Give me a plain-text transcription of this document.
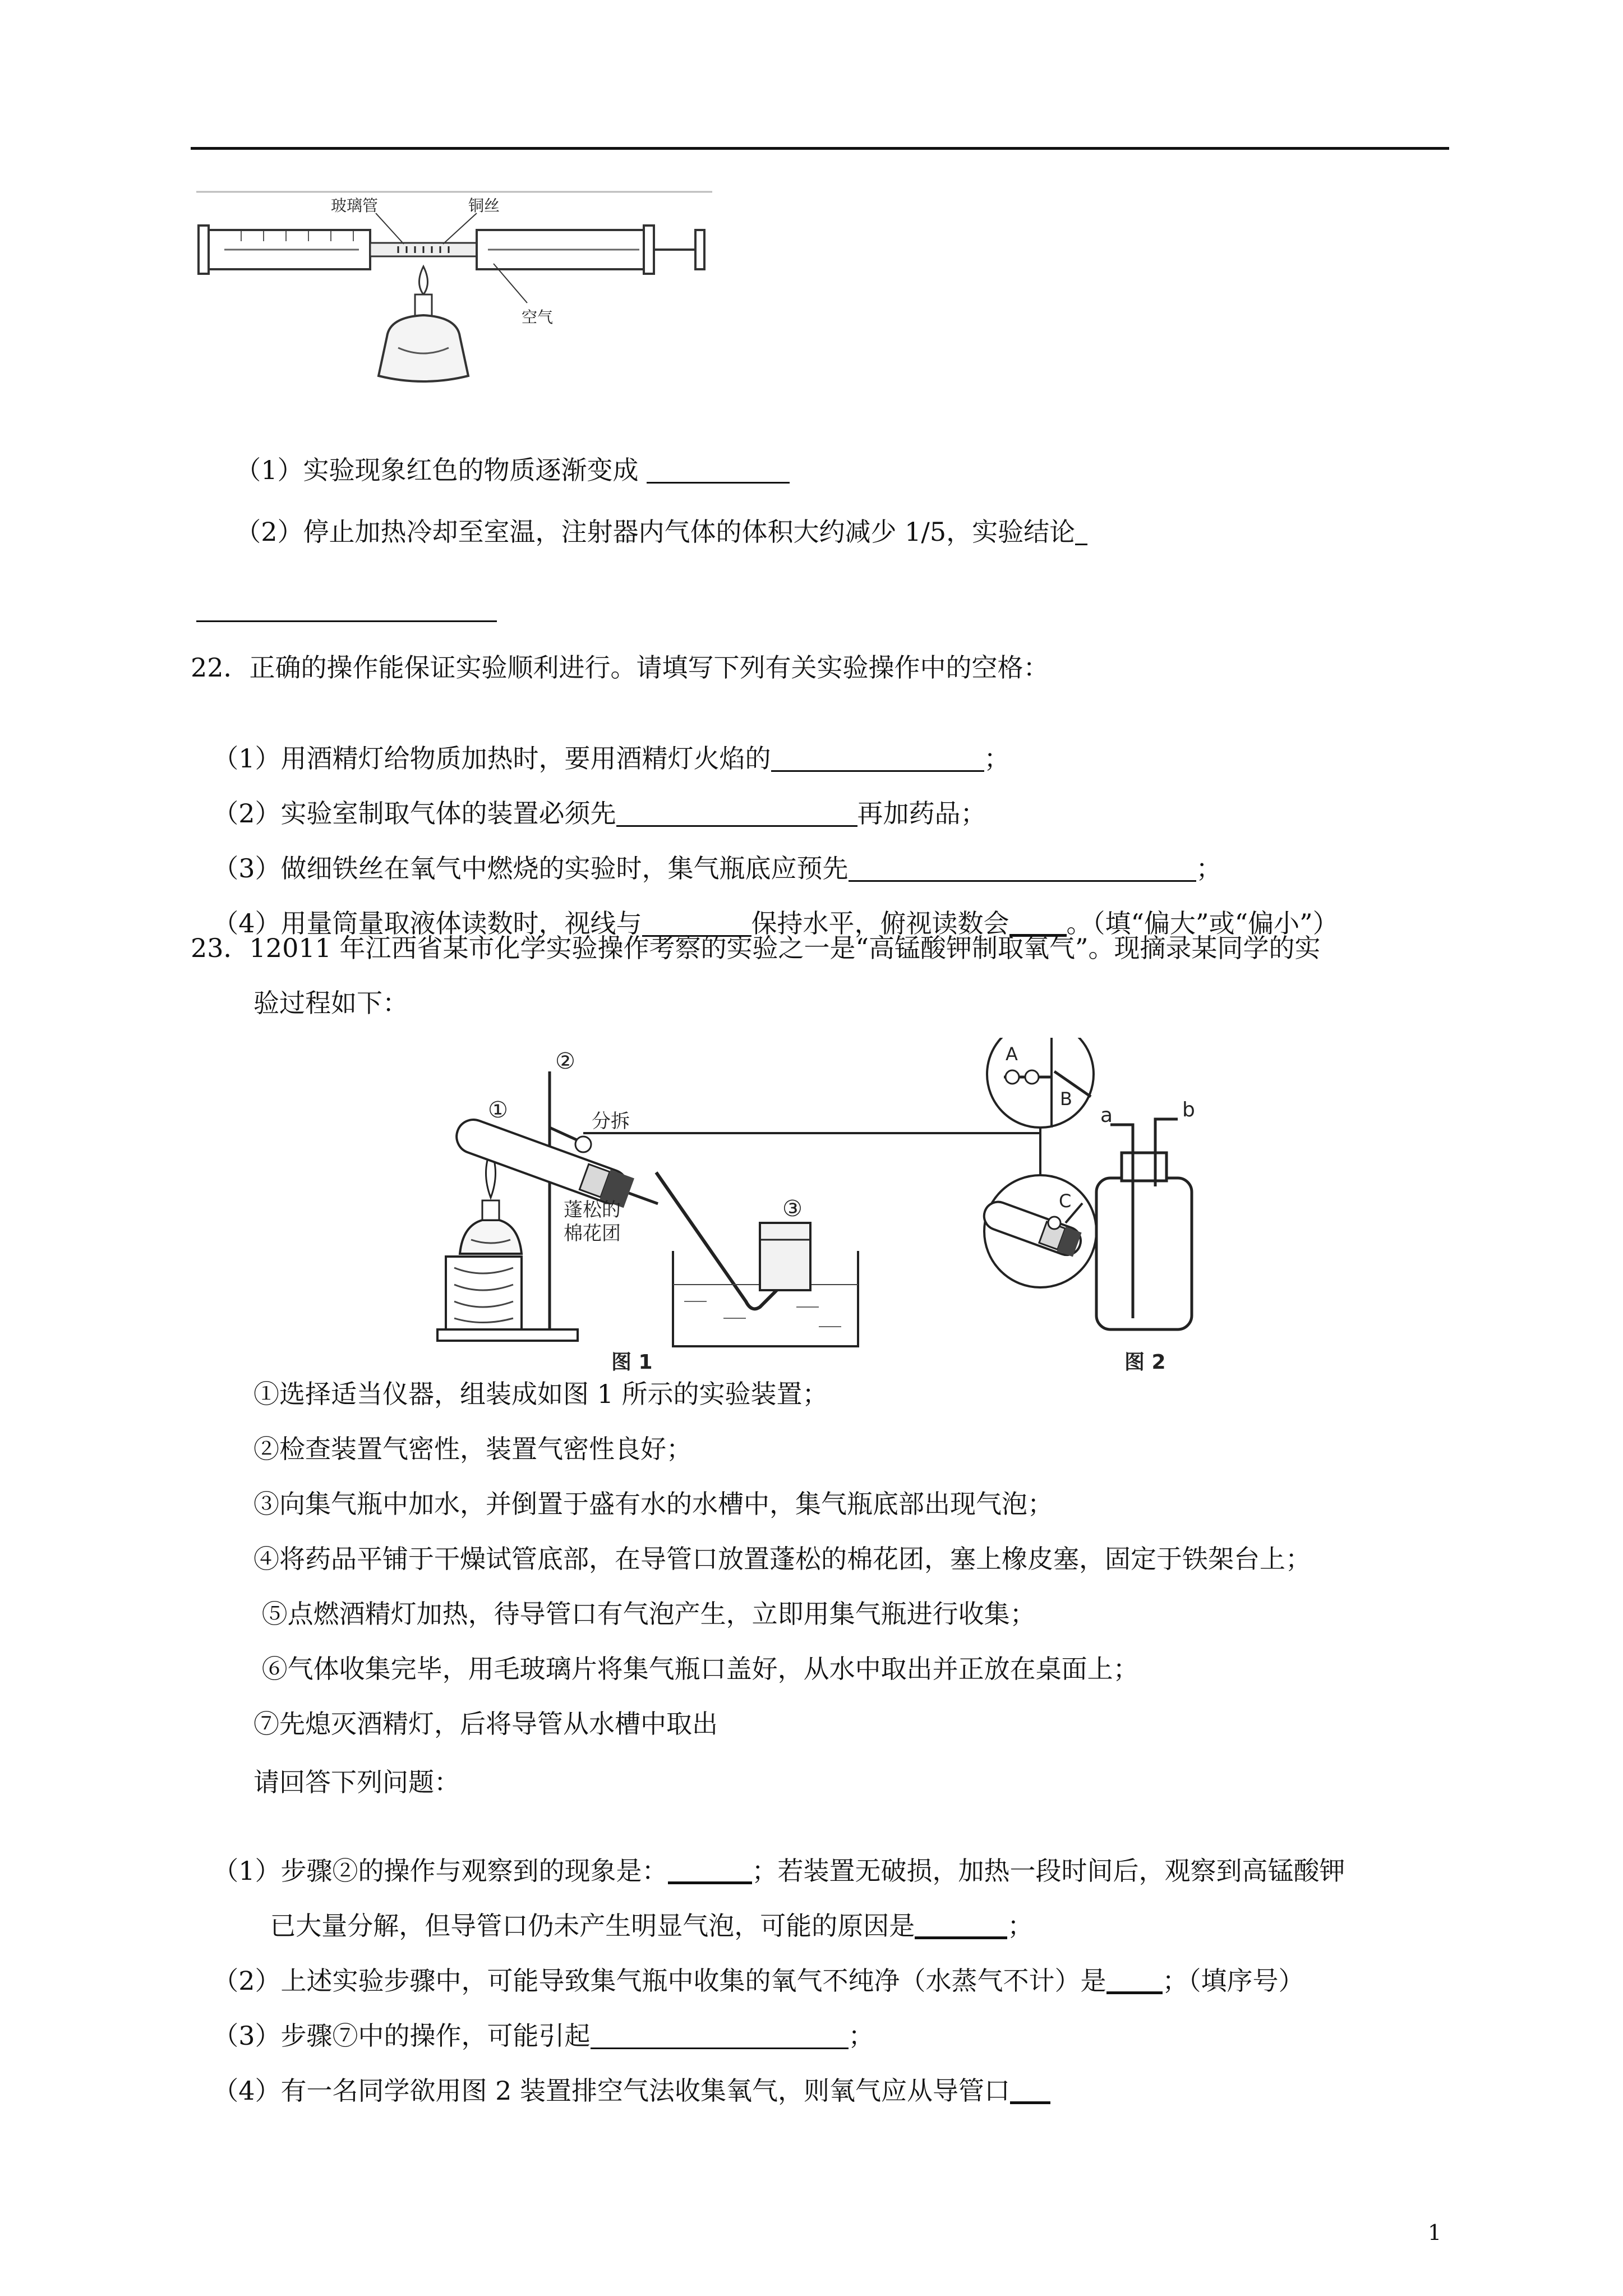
玻璃管	铜丝
空气

（1）实验现象红色的物质逐渐变成

（2）停止加热冷却至室温，注射器内气体的体积大约减少 1/5，实验结论

22．正确的操作能保证实验顺利进行。请填写下列有关实验操作中的空格：

（1）用酒精灯给物质加热时，要用酒精灯火焰的	；

（2）实验室制取气体的装置必须先	再加药品；

（3）做细铁丝在氧气中燃烧的实验时，集气瓶底应预先	；

（4）用量筒量取液体读数时，视线与	保持水平，俯视读数会 。（填“偏大”或“偏小”）

23．12011 年江西省某市化学实验操作考察的实验之一是“高锰酸钾制取氧气”。现摘录某同学的实
验过程如下：
①
②
③
分拆
蓬松的
棉花团
A
B
C
图 1
a	b
图 2
①选择适当仪器，组装成如图 1 所示的实验装置；
②检查装置气密性，装置气密性良好；
③向集气瓶中加水，并倒置于盛有水的水槽中，集气瓶底部出现气泡；
④将药品平铺于干燥试管底部，在导管口放置蓬松的棉花团，塞上橡皮塞，固定于铁架台上；
⑤点燃酒精灯加热，待导管口有气泡产生，立即用集气瓶进行收集；
⑥气体收集完毕，用毛玻璃片将集气瓶口盖好，从水中取出并正放在桌面上；
⑦先熄灭酒精灯，后将导管从水槽中取出
请回答下列问题：

（1）步骤②的操作与观察到的现象是：	；若装置无破损，加热一段时间后，观察到高锰酸钾

已大量分解，但导管口仍未产生明显气泡，可能的原因是	；

（2）上述实验步骤中，可能导致集气瓶中收集的氧气不纯净（水蒸气不计）是 ；（填序号）

（3）步骤⑦中的操作，可能引起	；

（4）有一名同学欲用图 2 装置排空气法收集氧气，则氧气应从导管口

1
